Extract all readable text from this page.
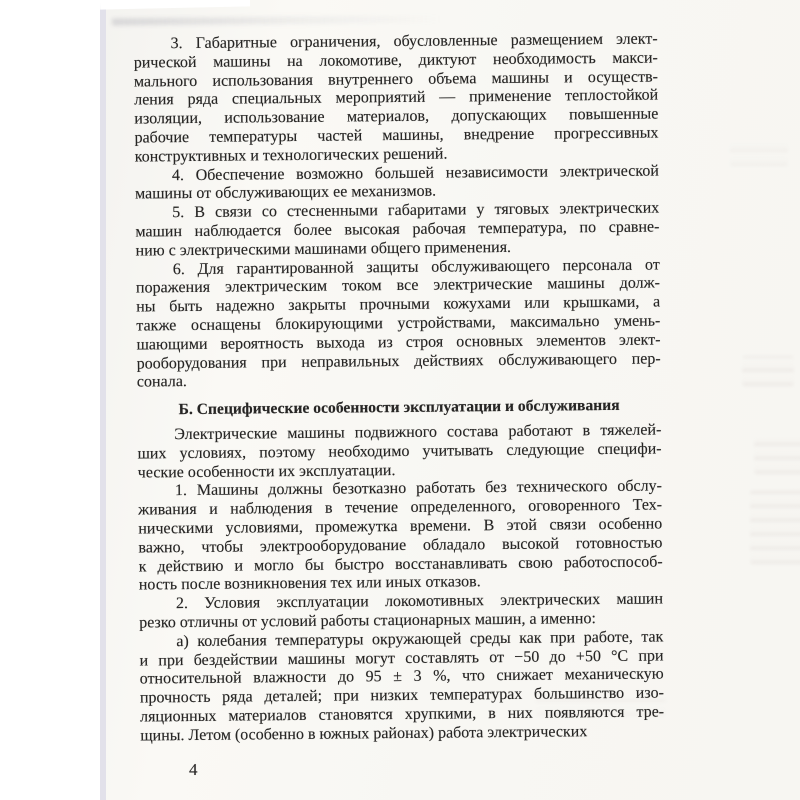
3. Габаритные ограничения, обусловленные размещением элект-
рической машины на локомотиве, диктуют необходимость макси-
мального использования внутреннего объема машины и осуществ-
ления ряда специальных мероприятий — применение теплостойкой
изоляции, использование материалов, допускающих повышенные
рабочие температуры частей машины, внедрение прогрессивных
конструктивных и технологических решений.
4. Обеспечение возможно большей независимости электрической
машины от обслуживающих ее механизмов.
5. В связи со стесненными габаритами у тяговых электрических
машин наблюдается более высокая рабочая температура, по сравне-
нию с электрическими машинами общего применения.
6. Для гарантированной защиты обслуживающего персонала от
поражения электрическим током все электрические машины долж-
ны быть надежно закрыты прочными кожухами или крышками, а
также оснащены блокирующими устройствами, максимально умень-
шающими вероятность выхода из строя основных элементов элект-
рооборудования при неправильных действиях обслуживающего пер-
сонала.
Б. Специфические особенности эксплуатации и обслуживания
Электрические машины подвижного состава работают в тяжелей-
ших условиях, поэтому необходимо учитывать следующие специфи-
ческие особенности их эксплуатации.
1. Машины должны безотказно работать без технического обслу-
живания и наблюдения в течение определенного, оговоренного Тех-
ническими условиями, промежутка времени. В этой связи особенно
важно, чтобы электрооборудование обладало высокой готовностью
к действию и могло бы быстро восстанавливать свою работоспособ-
ность после возникновения тех или иных отказов.
2. Условия эксплуатации локомотивных электрических машин
резко отличны от условий работы стационарных машин, а именно:
а) колебания температуры окружающей среды как при работе, так
и при бездействии машины могут составлять от −50 до +50 °С при
относительной влажности до 95 ± 3 %, что снижает механическую
прочность ряда деталей; при низких температурах большинство изо-
ляционных материалов становятся хрупкими, в них появляются тре-
щины. Летом (особенно в южных районах) работа электрических
4
